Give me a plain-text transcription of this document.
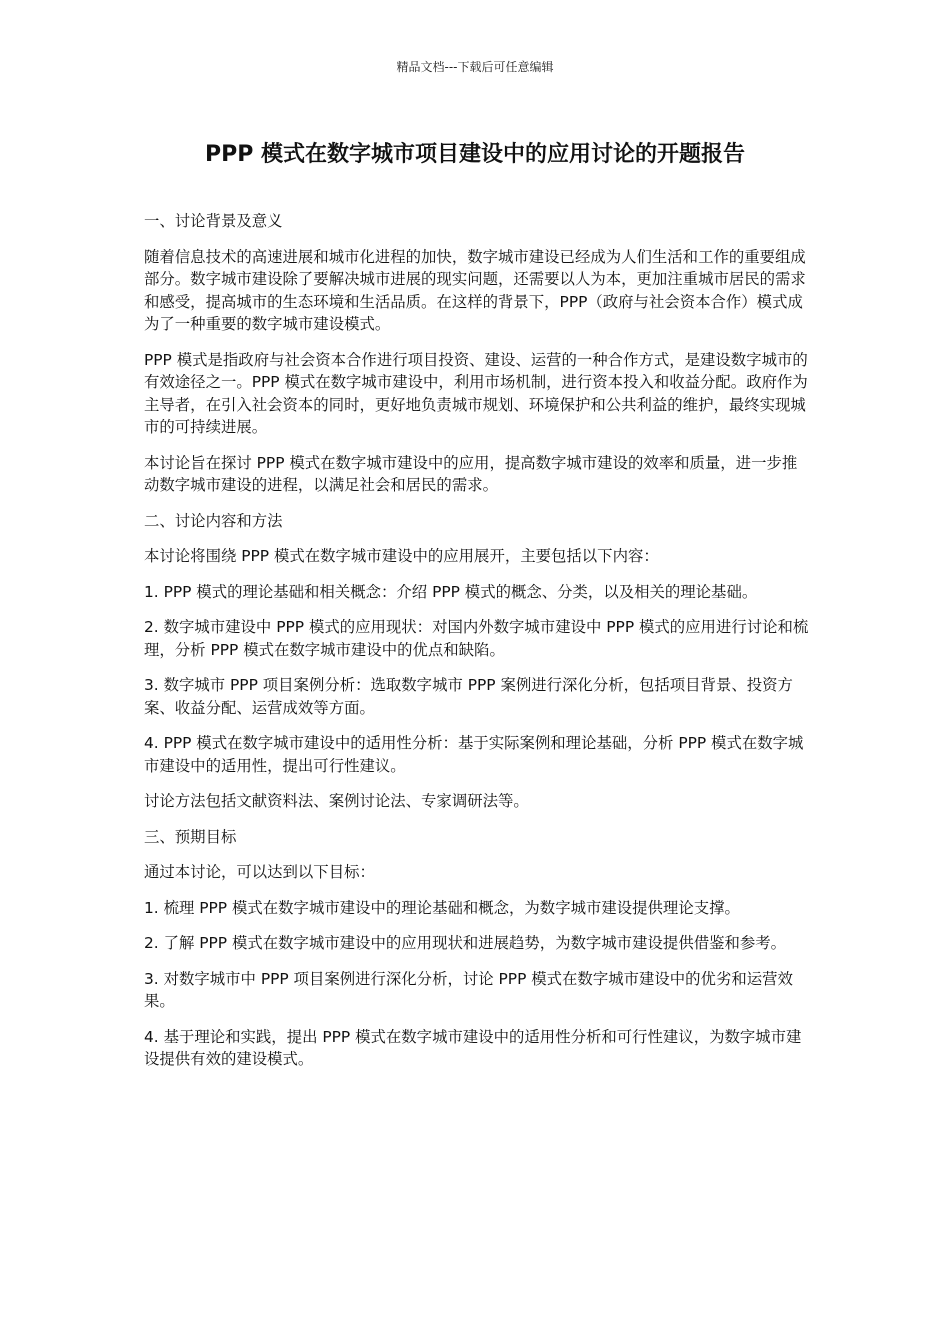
精品文档---下载后可任意编辑
PPP 模式在数字城市项目建设中的应用讨论的开题报告

一、讨论背景及意义

随着信息技术的高速进展和城市化进程的加快，数字城市建设已经成为人们生活和工作的重要组成部分。数字城市建设除了要解决城市进展的现实问题，还需要以人为本，更加注重城市居民的需求和感受，提高城市的生态环境和生活品质。在这样的背景下，PPP（政府与社会资本合作）模式成为了一种重要的数字城市建设模式。

PPP 模式是指政府与社会资本合作进行项目投资、建设、运营的一种合作方式，是建设数字城市的有效途径之一。PPP 模式在数字城市建设中，利用市场机制，进行资本投入和收益分配。政府作为主导者，在引入社会资本的同时，更好地负责城市规划、环境保护和公共利益的维护，最终实现城市的可持续进展。

本讨论旨在探讨 PPP 模式在数字城市建设中的应用，提高数字城市建设的效率和质量，进一步推动数字城市建设的进程，以满足社会和居民的需求。

二、讨论内容和方法

本讨论将围绕 PPP 模式在数字城市建设中的应用展开，主要包括以下内容：

1. PPP 模式的理论基础和相关概念：介绍 PPP 模式的概念、分类，以及相关的理论基础。

2. 数字城市建设中 PPP 模式的应用现状：对国内外数字城市建设中 PPP 模式的应用进行讨论和梳理，分析 PPP 模式在数字城市建设中的优点和缺陷。

3. 数字城市 PPP 项目案例分析：选取数字城市 PPP 案例进行深化分析，包括项目背景、投资方案、收益分配、运营成效等方面。

4. PPP 模式在数字城市建设中的适用性分析：基于实际案例和理论基础，分析 PPP 模式在数字城市建设中的适用性，提出可行性建议。

讨论方法包括文献资料法、案例讨论法、专家调研法等。

三、预期目标

通过本讨论，可以达到以下目标：

1. 梳理 PPP 模式在数字城市建设中的理论基础和概念，为数字城市建设提供理论支撑。

2. 了解 PPP 模式在数字城市建设中的应用现状和进展趋势，为数字城市建设提供借鉴和参考。

3. 对数字城市中 PPP 项目案例进行深化分析，讨论 PPP 模式在数字城市建设中的优劣和运营效果。

4. 基于理论和实践，提出 PPP 模式在数字城市建设中的适用性分析和可行性建议，为数字城市建设提供有效的建设模式。
